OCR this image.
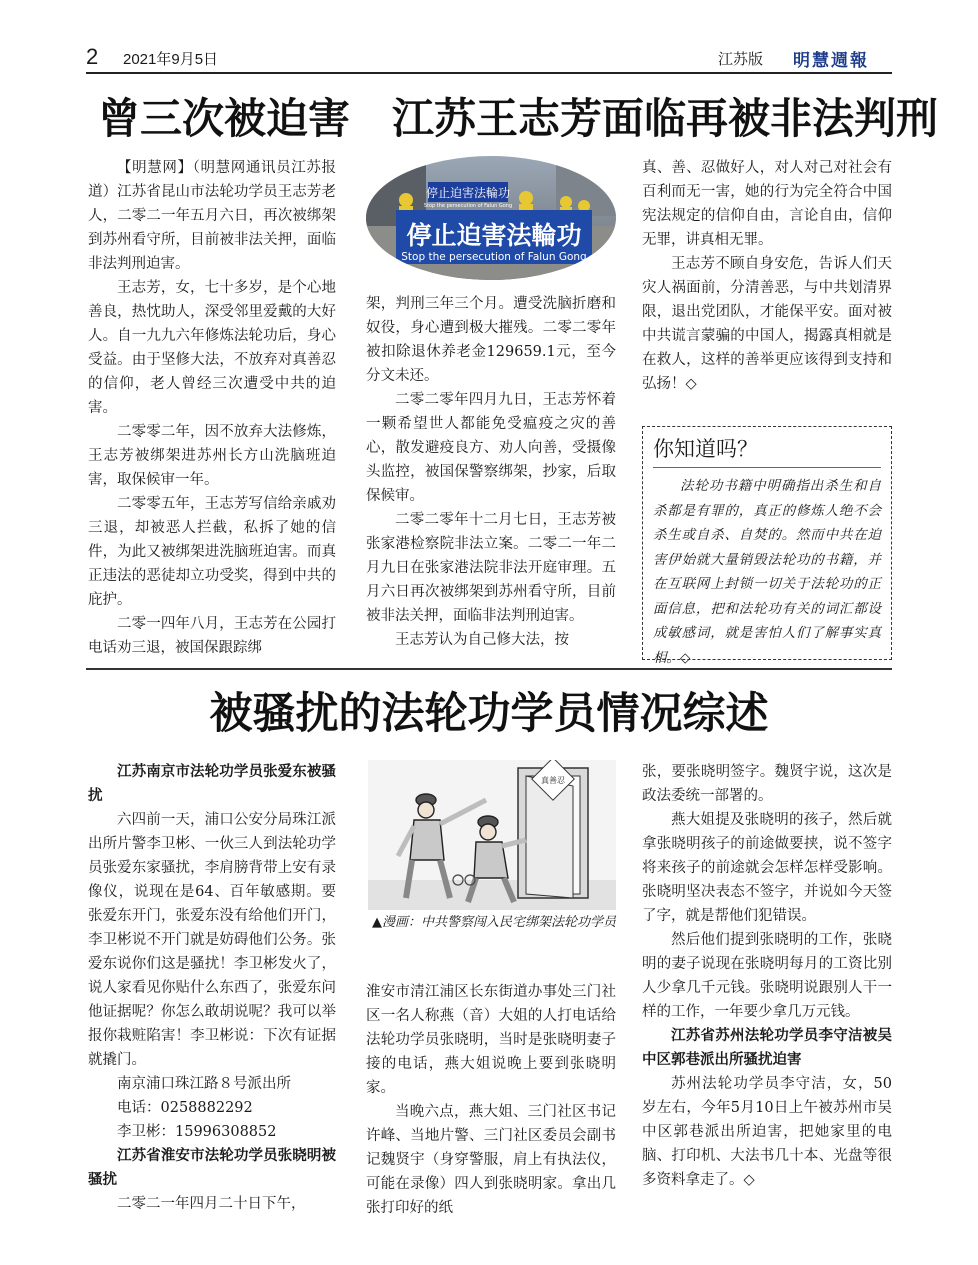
2 2021年9月5日	江苏版 明慧週報
曾三次被迫害 江苏王志芳面临再被非法判刑

【明慧网】（明慧网通讯员江苏报道）江苏省昆山市法轮功学员王志芳老人，二零二一年五月六日，再次被绑架到苏州看守所，目前被非法关押，面临非法判刑迫害。

王志芳，女，七十多岁，是个心地善良，热忱助人，深受邻里爱戴的大好人。自一九九六年修炼法轮功后，身心受益。由于坚修大法，不放弃对真善忍的信仰，老人曾经三次遭受中共的迫害。

二零零二年，因不放弃大法修炼，王志芳被绑架进苏州长方山洗脑班迫害，取保候审一年。

二零零五年，王志芳写信给亲戚劝三退，却被恶人拦截，私拆了她的信件，为此又被绑架进洗脑班迫害。而真正违法的恶徒却立功受奖，得到中共的庇护。

二零一四年八月，王志芳在公园打电话劝三退，被国保跟踪绑

停止迫害法輪功
Stop the persecution of Falun Gong
停止迫害法輪功
Stop the persecution of Falun Gong

架，判刑三年三个月。遭受洗脑折磨和奴役，身心遭到极大摧残。二零二零年被扣除退休养老金129659.1元，至今分文未还。

二零二零年四月九日，王志芳怀着一颗希望世人都能免受瘟疫之灾的善心，散发避疫良方、劝人向善，受摄像头监控，被国保警察绑架，抄家，后取保候审。

二零二零年十二月七日，王志芳被张家港检察院非法立案。二零二一年二月九日在张家港法院非法开庭审理。五月六日再次被绑架到苏州看守所，目前被非法关押，面临非法判刑迫害。

王志芳认为自己修大法，按

真、善、忍做好人，对人对己对社会有百利而无一害，她的行为完全符合中国宪法规定的信仰自由，言论自由，信仰无罪，讲真相无罪。

王志芳不顾自身安危，告诉人们天灾人祸面前，分清善恶，与中共划清界限，退出党团队，才能保平安。面对被中共谎言蒙骗的中国人，揭露真相就是在救人，这样的善举更应该得到支持和弘扬！◇

你知道吗？
法轮功书籍中明确指出杀生和自杀都是有罪的，真正的修炼人绝不会杀生或自杀、自焚的。然而中共在迫害伊始就大量销毁法轮功的书籍，并在互联网上封锁一切关于法轮功的正面信息，把和法轮功有关的词汇都设成敏感词，就是害怕人们了解事实真相。◇
被骚扰的法轮功学员情况综述

江苏南京市法轮功学员张爱东被骚扰

六四前一天，浦口公安分局珠江派出所片警李卫彬、一伙三人到法轮功学员张爱东家骚扰，李肩膀背带上安有录像仪，说现在是64、百年敏感期。要张爱东开门，张爱东没有给他们开门，李卫彬说不开门就是妨碍他们公务。张爱东说你们这是骚扰！李卫彬发火了，说人家看见你贴什么东西了，张爱东问他证据呢？你怎么敢胡说呢？我可以举报你栽赃陷害！李卫彬说：下次有证据就撬门。

南京浦口珠江路８号派出所

电话：0258882292

李卫彬：15996308852

江苏省淮安市法轮功学员张晓明被骚扰

二零二一年四月二十日下午，

真善忍
▲漫画：中共警察闯入民宅绑架法轮功学员

淮安市清江浦区长东街道办事处三门社区一名人称燕（音）大姐的人打电话给法轮功学员张晓明，当时是张晓明妻子接的电话，燕大姐说晚上要到张晓明家。

当晚六点，燕大姐、三门社区书记许峰、当地片警、三门社区委员会副书记魏贤宇（身穿警服，肩上有执法仪，可能在录像）四人到张晓明家。拿出几张打印好的纸

张，要张晓明签字。魏贤宇说，这次是政法委统一部署的。

燕大姐提及张晓明的孩子，然后就拿张晓明孩子的前途做要挟，说不签字将来孩子的前途就会怎样怎样受影响。张晓明坚决表态不签字，并说如今天签了字，就是帮他们犯错误。

然后他们提到张晓明的工作，张晓明的妻子说现在张晓明每月的工资比别人少拿几千元钱。张晓明说跟别人干一样的工作，一年要少拿几万元钱。

江苏省苏州法轮功学员李守洁被吴中区郭巷派出所骚扰迫害

苏州法轮功学员李守洁，女，50岁左右，今年5月10日上午被苏州市吴中区郭巷派出所迫害，把她家里的电脑、打印机、大法书几十本、光盘等很多资料拿走了。◇
